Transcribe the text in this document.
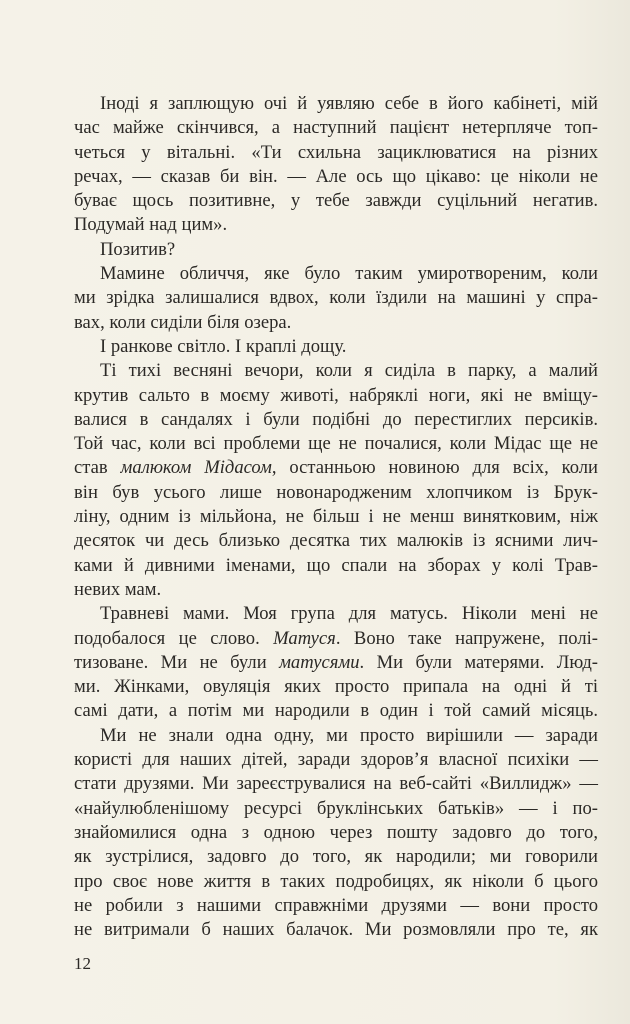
Іноді я заплющую очі й уявляю себе в його кабінеті, мій
час майже скінчився, а наступний пацієнт нетерпляче топ-
четься у вітальні. «Ти схильна зациклюватися на різних
речах, — сказав би він. — Але ось що цікаво: це ніколи не
буває щось позитивне, у тебе завжди суцільний негатив.
Подумай над цим».
Позитив?
Мамине обличчя, яке було таким умиротвореним, коли
ми зрідка залишалися вдвох, коли їздили на машині у спра-
вах, коли сиділи біля озера.
І ранкове світло. І краплі дощу.
Ті тихі весняні вечори, коли я сиділа в парку, а малий
крутив сальто в моєму животі, набряклі ноги, які не вміщу-
валися в сандалях і були подібні до перестиглих персиків.
Той час, коли всі проблеми ще не почалися, коли Мідас ще не
став малюком Мідасом, останньою новиною для всіх, коли
він був усього лише новонародженим хлопчиком із Брук-
ліну, одним із мільйона, не більш і не менш винятковим, ніж
десяток чи десь близько десятка тих малюків із ясними лич-
ками й дивними іменами, що спали на зборах у колі Трав-
невих мам.
Травневі мами. Моя група для матусь. Ніколи мені не
подобалося це слово. Матуся. Воно таке напружене, полі-
тизоване. Ми не були матусями. Ми були матерями. Люд-
ми. Жінками, овуляція яких просто припала на одні й ті
самі дати, а потім ми народили в один і той самий місяць.
Ми не знали одна одну, ми просто вирішили — заради
користі для наших дітей, заради здоров’я власної психіки —
стати друзями. Ми зареєструвалися на веб-сайті «Виллидж» —
«найулюбленішому ресурсі бруклінських батьків» — і по-
знайомилися одна з одною через пошту задовго до того,
як зустрілися, задовго до того, як народили; ми говорили
про своє нове життя в таких подробицях, як ніколи б цього
не робили з нашими справжніми друзями — вони просто
не витримали б наших балачок. Ми розмовляли про те, як
12
